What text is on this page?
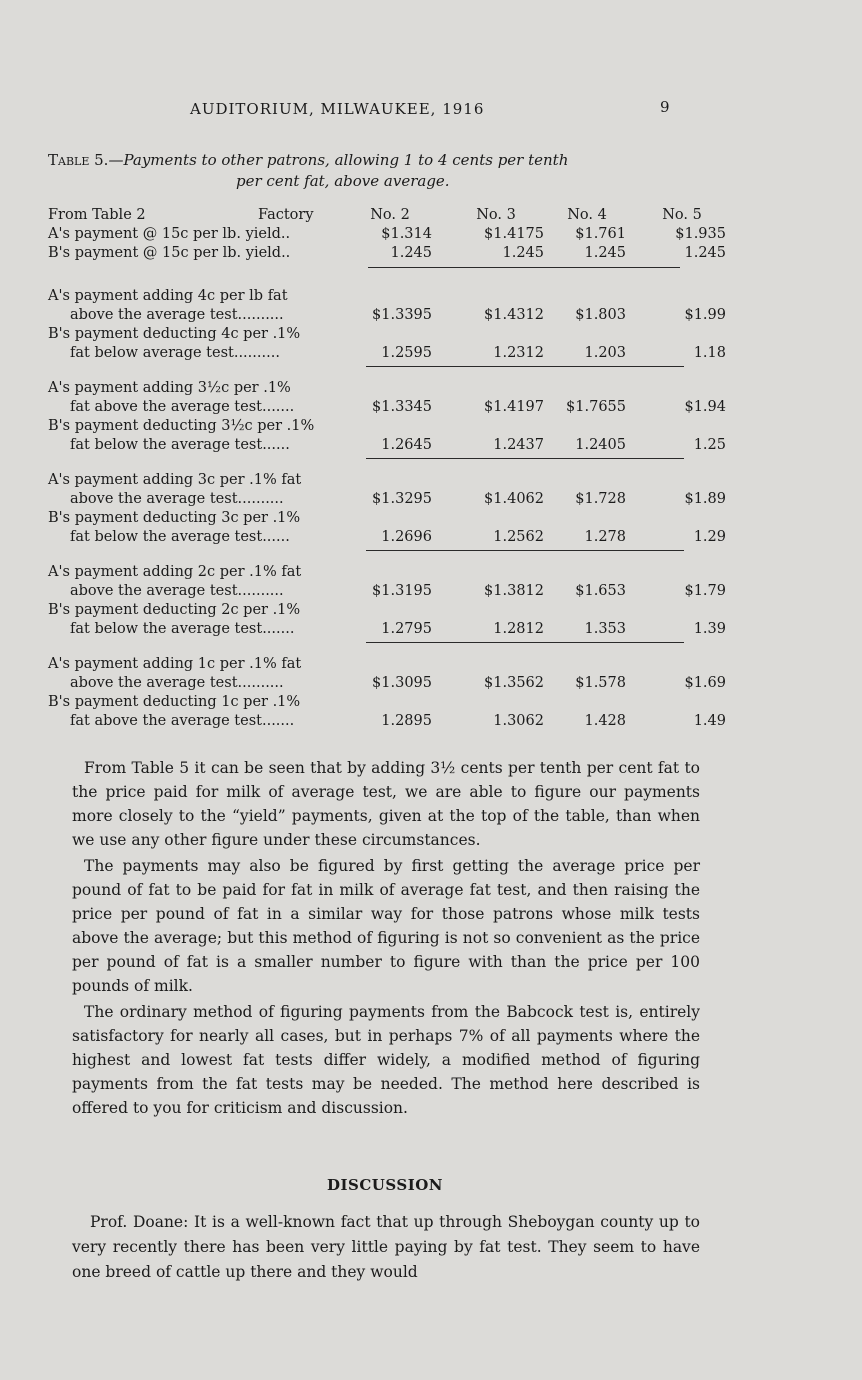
AUDITORIUM, MILWAUKEE, 1916	9
Table 5.—Payments to other patrons, allowing 1 to 4 cents per tenth
per cent fat, above average.
From Table 2	Factory	No. 2	No. 3	No. 4	No. 5
A's payment @ 15c per lb. yield..	$1.314	$1.4175	$1.761	$1.935
B's payment @ 15c per lb. yield..	1.245	1.245	1.245	1.245
A's payment adding 4c per lb fat
above the average test..........	$1.3395	$1.4312	$1.803	$1.99
B's payment deducting 4c per .1%
fat below average test..........	1.2595	1.2312	1.203	1.18
A's payment adding 3½c per .1%
fat above the average test.......	$1.3345	$1.4197	$1.7655	$1.94
B's payment deducting 3½c per .1%
fat below the average test......	1.2645	1.2437	1.2405	1.25
A's payment adding 3c per .1% fat
above the average test..........	$1.3295	$1.4062	$1.728	$1.89
B's payment deducting 3c per .1%
fat below the average test......	1.2696	1.2562	1.278	1.29
A's payment adding 2c per .1% fat
above the average test..........	$1.3195	$1.3812	$1.653	$1.79
B's payment deducting 2c per .1%
fat below the average test.......	1.2795	1.2812	1.353	1.39
A's payment adding 1c per .1% fat
above the average test..........	$1.3095	$1.3562	$1.578	$1.69
B's payment deducting 1c per .1%
fat above the average test.......	1.2895	1.3062	1.428	1.49

From Table 5 it can be seen that by adding 3½ cents per tenth per cent fat to the price paid for milk of average test, we are able to figure our payments more closely to the “yield” payments, given at the top of the table, than when we use any other figure under these circumstances.

The payments may also be figured by first getting the average price per pound of fat to be paid for fat in milk of average fat test, and then raising the price per pound of fat in a similar way for those patrons whose milk tests above the average; but this method of figuring is not so convenient as the price per pound of fat is a smaller number to figure with than the price per 100 pounds of milk.

The ordinary method of figuring payments from the Babcock test is, entirely satisfactory for nearly all cases, but in perhaps 7% of all payments where the highest and lowest fat tests differ widely, a modified method of figuring payments from the fat tests may be needed. The method here described is offered to you for criticism and discussion.

DISCUSSION

Prof. Doane: It is a well-known fact that up through Sheboygan county up to very recently there has been very little paying by fat test. They seem to have one breed of cattle up there and they would
